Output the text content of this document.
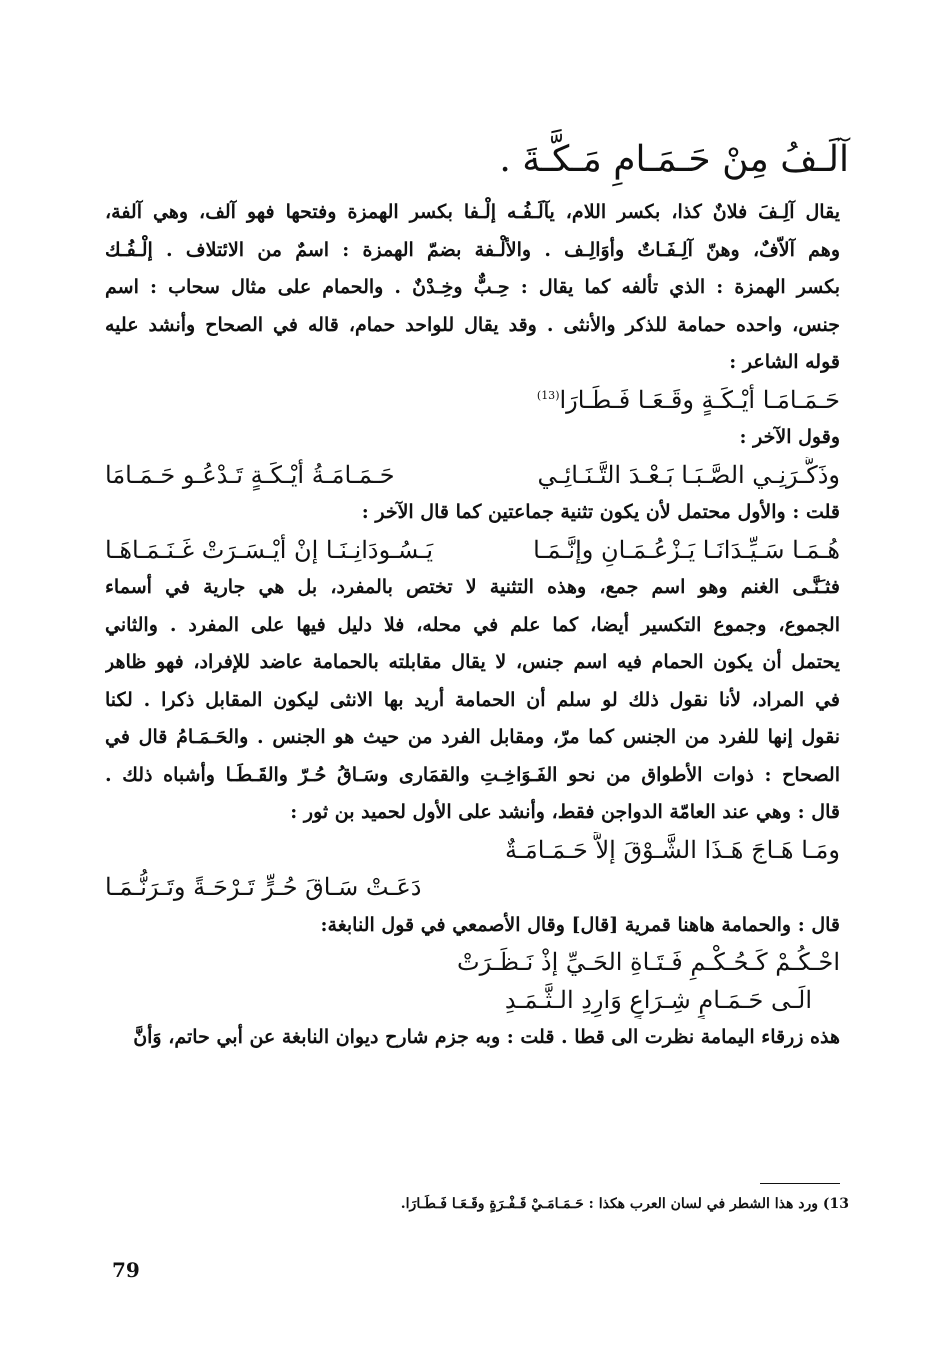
آلَـفُ مِنْ حَـمَـامِ مَـكَّـةَ .
يقال آلِـفَ فلانٌ كذا، بكسر اللام، يآلَـفُـه إلْـفا بكسر الهمزة وفتحها فهو آلف، وهي آلفة،
وهم آلاّفٌ، وهنّ آلِـفَـاتٌ وأوَالِـف . والألْـفة بضمّ الهمزة : اسمٌ من الائتلاف . إلْـفُـك
بكسر الهمزة : الذي تألفه كما يقال : حِـبٌّ وخِـدْنٌ . والحمام على مثال سحاب : اسم
جنس، واحده حمامة للذكر والأنثى . وقد يقال للواحد حمام، قاله في الصحاح وأنشد عليه
قوله الشاعر :
حَـمَـامَـا أيْـكَـةٍ وقَـعَـا فَـطَـارَا$^{(13)}$
وقول الآخر :
وذَكَّـرَنِـي الصَّـبَـا بَـعْـدَ التَّـنَـائِـي
حَـمَـامَـةُ أيْـكَـةٍ تَـدْعُـو حَـمَـامَا
قلت : والأول محتمل لأن يكون تثنية جماعتين كما قال الآخر :
هُـمَـا سَـيِّـدَانَـا يَـزْعُـمَـانِ وإنَّـمَـا
يَـسُـودَانِـنَـا إنْ أيْـسَـرَتْ غَـنَـمَـاهَـا
فثـَنَّـى الغنم وهو اسم جمع، وهذه التثنية لا تختص بالمفرد، بل هي جارية في أسماء
الجموع، وجموع التكسير أيضا، كما علم في محله، فلا دليل فيها على المفرد . والثاني
يحتمل أن يكون الحمام فيه اسم جنس، لا يقال مقابلته بالحمامة عاضد للإفراد، فهو ظاهر
في المراد، لأنا نقول ذلك لو سلم أن الحمامة أريد بها الانثى ليكون المقابل ذكرا . لكنا
نقول إنها للفرد من الجنس كما مرّ، ومقابل الفرد من حيث هو الجنس . والحَـمَـامُ قال في
الصحاح : ذوات الأطواق من نحو الفَـوَاخِـتِ والقمَارى وسَـاقُ حُـرّ والقَـطَـا وأشباه ذلك .
قال : وهي عند العامّة الدواجن فقط، وأنشد على الأول لحميد بن ثور :
ومَـا هَـاجَ هَـذَا الشَّـوْقَ إلاَّ حَـمَـامَـةٌ
دَعَـتْ سَـاقَ حُـرٍّ تَـرْحَـةً وتَـرَنُّـمَـا
قال : والحمامة هاهنا قمرية [قال] وقال الأصمعي في قول النابغة:
احْـكُـمْ كَـحُـكْـمِ فَـتَـاةِ الحَـيِّ إذْ نَـظَـرَتْ
الَـى حَـمَـامٍ شِـرَاعٍ وَارِدِ الـثَّـمَـدِ
هذه زرقاء اليمامة نظرت الى قطا . قلت : وبه جزم شارح ديوان النابغة عن أبي حاتم، وَأنَّ
13) ورد هذا الشطر في لسان العرب هكذا : حَـمَـامَـيْ قَـفْـرَةٍ وقَـعَـا فَـطَـارَا.
79
